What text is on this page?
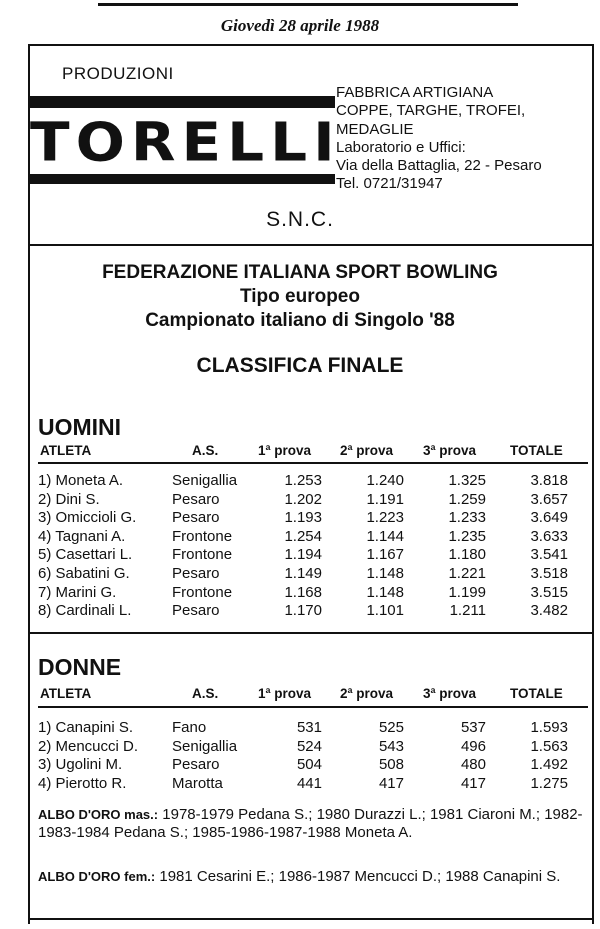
Giovedì 28 aprile 1988
PRODUZIONI
TORELLI
FABBRICA ARTIGIANA
COPPE, TARGHE, TROFEI,
MEDAGLIE
Laboratorio e Uffici:
Via della Battaglia, 22 - Pesaro
Tel. 0721/31947
S.N.C.
FEDERAZIONE ITALIANA SPORT BOWLING
Tipo europeo
Campionato italiano di Singolo '88
CLASSIFICA FINALE
UOMINI
ATLETA	A.S.	1ª prova 2ª prova 3ª prova	TOTALE
1) Moneta A.	Senigallia	1.253	1.240	1.325	3.818
2) Dini S.	Pesaro	1.202	1.191	1.259	3.657
3) Omiccioli G.	Pesaro	1.193	1.223	1.233	3.649
4) Tagnani A.	Frontone	1.254	1.144	1.235	3.633
5) Casettari L.	Frontone	1.194	1.167	1.180	3.541
6) Sabatini G.	Pesaro	1.149	1.148	1.221	3.518
7) Marini G.	Frontone	1.168	1.148	1.199	3.515
8) Cardinali L.	Pesaro	1.170	1.101	1.211	3.482
DONNE
ATLETA	A.S.	1ª prova 2ª prova 3ª prova	TOTALE
1) Canapini S.	Fano	531	525	537	1.593
2) Mencucci D.	Senigallia	524	543	496	1.563
3) Ugolini M.	Pesaro	504	508	480	1.492
4) Pierotto R.	Marotta	441	417	417	1.275
ALBO D'ORO mas.: 1978-1979 Pedana S.; 1980 Durazzi L.; 1981 Ciaroni M.; 1982-1983-1984 Pedana S.; 1985-1986-1987-1988 Moneta A.
ALBO D'ORO fem.: 1981 Cesarini E.; 1986-1987 Mencucci D.; 1988 Canapini S.
